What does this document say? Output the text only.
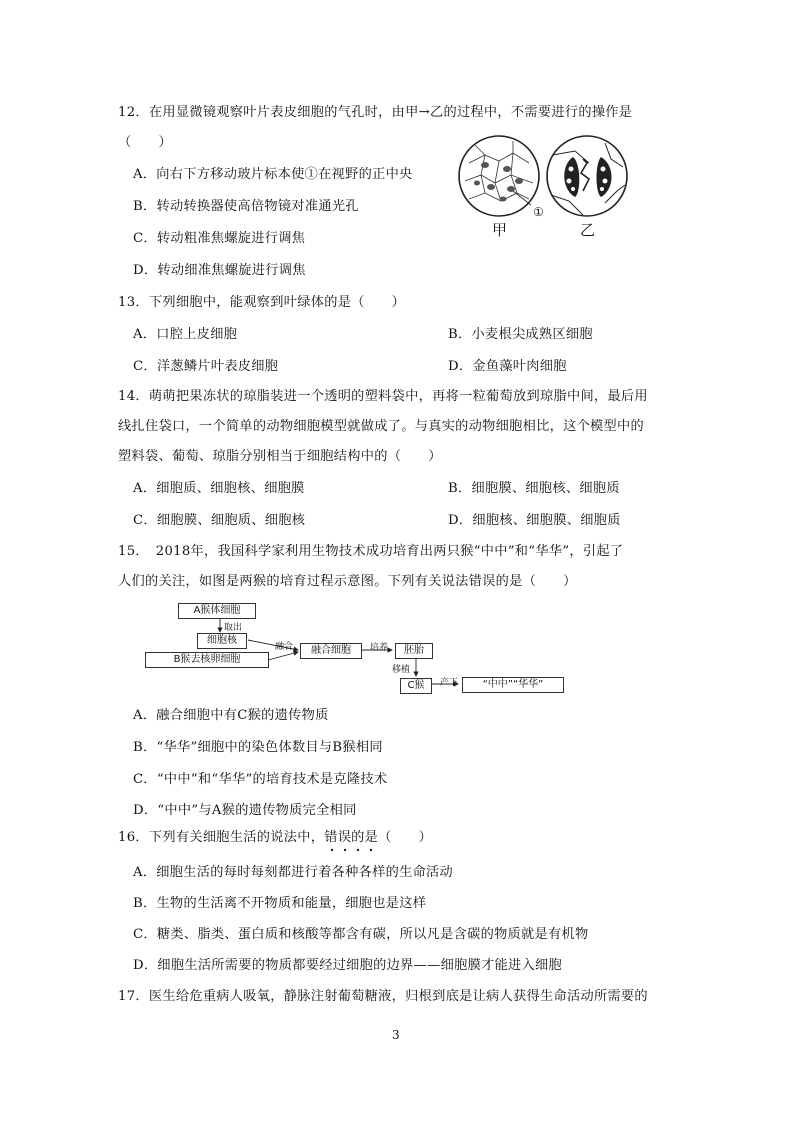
12．在用显微镜观察叶片表皮细胞的气孔时，由甲→乙的过程中，不需要进行的操作是
（　　）
A．向右下方移动玻片标本使①在视野的正中央
B．转动转换器使高倍物镜对准通光孔
C．转动粗准焦螺旋进行调焦
D．转动细准焦螺旋进行调焦
①
甲	乙
13．下列细胞中，能观察到叶绿体的是（　　）
A．口腔上皮细胞	B．小麦根尖成熟区细胞
C．洋葱鳞片叶表皮细胞	D．金鱼藻叶肉细胞
14．萌萌把果冻状的琼脂装进一个透明的塑料袋中，再将一粒葡萄放到琼脂中间，最后用
线扎住袋口，一个简单的动物细胞模型就做成了。与真实的动物细胞相比，这个模型中的
塑料袋、葡萄、琼脂分别相当于细胞结构中的（　　）
A．细胞质、细胞核、细胞膜	B．细胞膜、细胞核、细胞质
C．细胞膜、细胞质、细胞核	D．细胞核、细胞膜、细胞质
15．　2018年，我国科学家利用生物技术成功培育出两只猴“中中”和“华华”，引起了
人们的关注，如图是两猴的培育过程示意图。下列有关说法错误的是（　　）
A猴体细胞
取出
细胞核
B猴去核卵细胞
融合	融合细胞	培养	胚胎
移植
C猴	产下	“中中”“华华”
A．融合细胞中有C猴的遗传物质
B．“华华”细胞中的染色体数目与B猴相同
C．“中中”和“华华”的培育技术是克隆技术
D．“中中”与A猴的遗传物质完全相同
16．下列有关细胞生活的说法中，错误的是（　　）
A．细胞生活的每时每刻都进行着各种各样的生命活动
B．生物的生活离不开物质和能量，细胞也是这样
C．糖类、脂类、蛋白质和核酸等都含有碳，所以凡是含碳的物质就是有机物
D．细胞生活所需要的物质都要经过细胞的边界——细胞膜才能进入细胞
17．医生给危重病人吸氧，静脉注射葡萄糖液，归根到底是让病人获得生命活动所需要的
3
